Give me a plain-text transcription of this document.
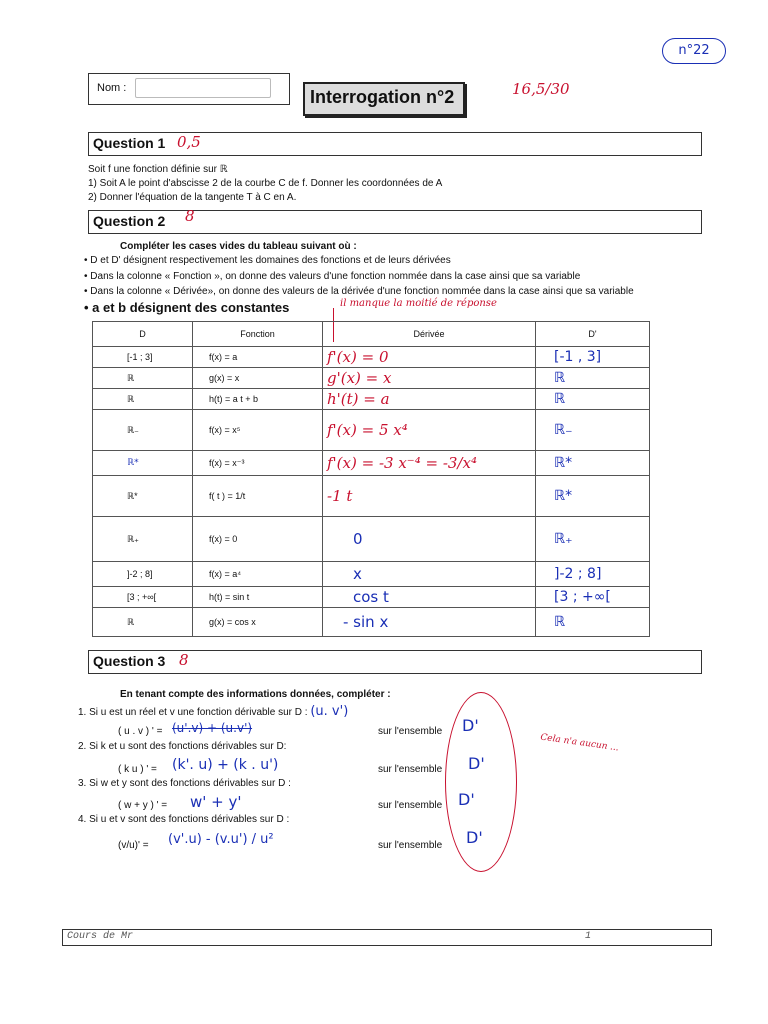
n°22
Nom :	Interrogation n°2	16,5/30
Question 1 0,5
Soit f une fonction définie sur ℝ
1) Soit A le point d'abscisse 2 de la courbe C de f. Donner les coordonnées de A
2) Donner l'équation de la tangente T à C en A.
Question 2 8
Compléter les cases vides du tableau suivant où :
• D et D' désignent respectivement les domaines des fonctions et de leurs dérivées
• Dans la colonne « Fonction », on donne des valeurs d'une fonction nommée dans la case ainsi que sa variable
• Dans la colonne « Dérivée», on donne des valeurs de la dérivée d'une fonction nommée dans la case ainsi que sa variable
• a et b désignent des constantes	il manque la moitié de réponse
D	Fonction	Dérivée	D'
[-1 ; 3]	f(x) = a	f'(x) = 0	[-1 , 3]
ℝ	g(x) = x	g'(x) = x	ℝ
ℝ	h(t) = a t + b	h'(t) = a	ℝ
ℝ₋	f(x) = x⁵	f'(x) = 5 x⁴	ℝ₋
ℝ*	f(x) = x⁻³	f'(x) = -3 x⁻⁴ = -3/x⁴	ℝ*
ℝ*	f( t ) = 1/t	-1 t	ℝ*
ℝ₊	f(x) = 0	0	ℝ₊
]-2 ; 8]	f(x) = a⁴	x	]-2 ; 8]
[3 ; +∞[	h(t) = sin t	cos t	[3 ; +∞[
ℝ	g(x) = cos x	- sin x	ℝ
Question 3 8
En tenant compte des informations données, compléter :
Cela n'a aucun ...
1. Si u est un réel et v une fonction dérivable sur D : (u. v')
( u . v ) ' = (u'.v) + (u.v')	sur l'ensemble D'
2. Si k et u sont des fonctions dérivables sur D:
( k u ) ' = (k'. u) + (k . u')	sur l'ensemble D'
3. Si w et y sont des fonctions dérivables sur D :
( w + y ) ' = w' + y'	sur l'ensemble D'
4. Si u et v sont des fonctions dérivables sur D :
(v/u)' = (v'.u) - (v.u') / u²	sur l'ensemble D'
Cours de Mr	1
